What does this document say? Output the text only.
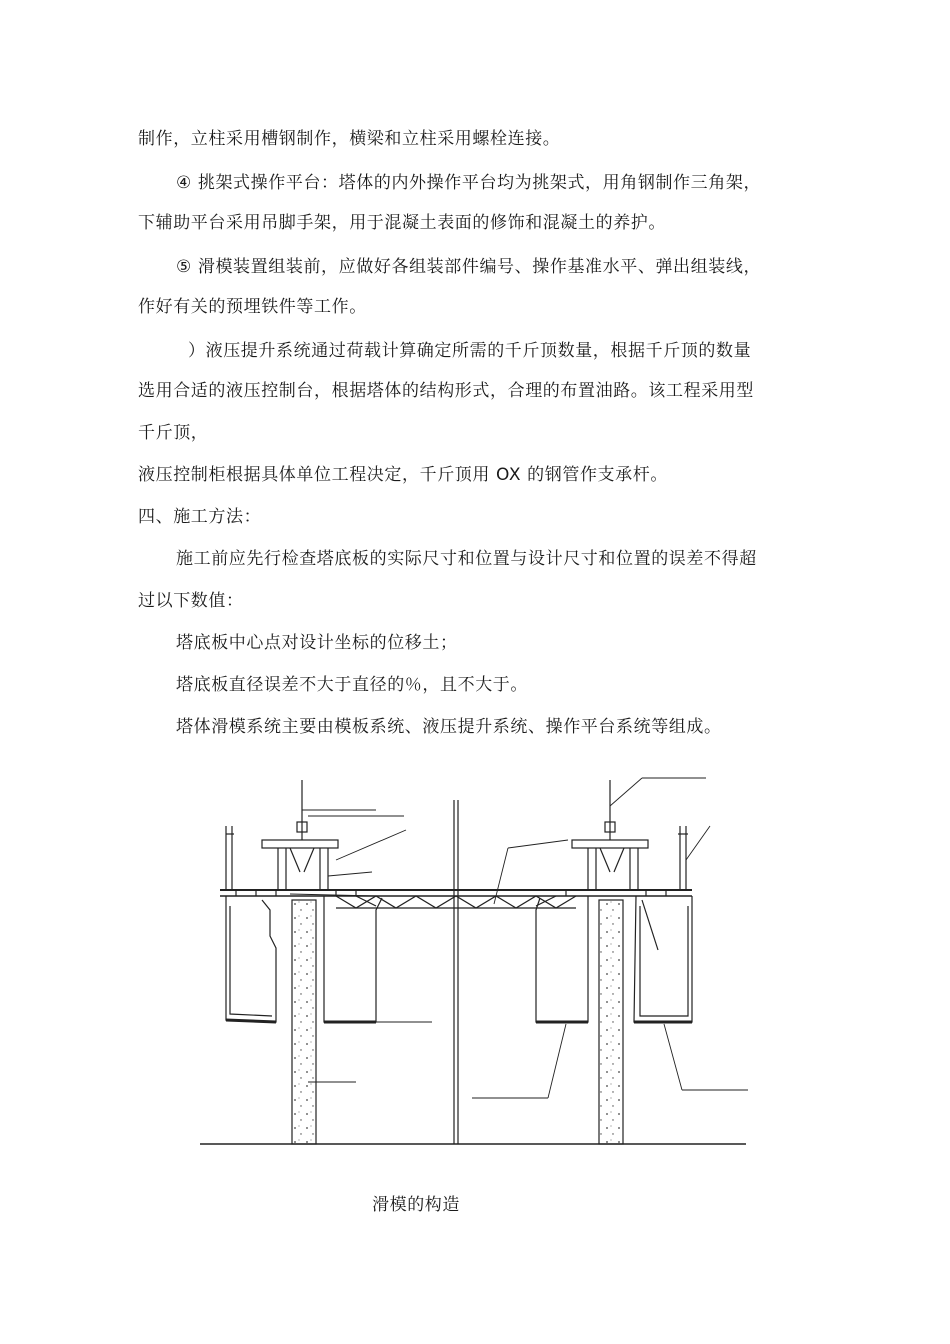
制作，立柱采用槽钢制作，横梁和立柱采用螺栓连接。
④ 挑架式操作平台：塔体的内外操作平台均为挑架式，用角钢制作三角架，
下辅助平台采用吊脚手架，用于混凝土表面的修饰和混凝土的养护。
⑤ 滑模装置组装前，应做好各组装部件编号、操作基准水平、弹出组装线，
作好有关的预埋铁件等工作。
）液压提升系统通过荷载计算确定所需的千斤顶数量，根据千斤顶的数量
选用合适的液压控制台，根据塔体的结构形式，合理的布置油路。该工程采用型
千斤顶，
液压控制柜根据具体单位工程决定，千斤顶用 OX 的钢管作支承杆。
四、施工方法：
施工前应先行检查塔底板的实际尺寸和位置与设计尺寸和位置的误差不得超
过以下数值：
塔底板中心点对设计坐标的位移土；
塔底板直径误差不大于直径的％，且不大于。
塔体滑模系统主要由模板系统、液压提升系统、操作平台系统等组成。
滑模的构造
